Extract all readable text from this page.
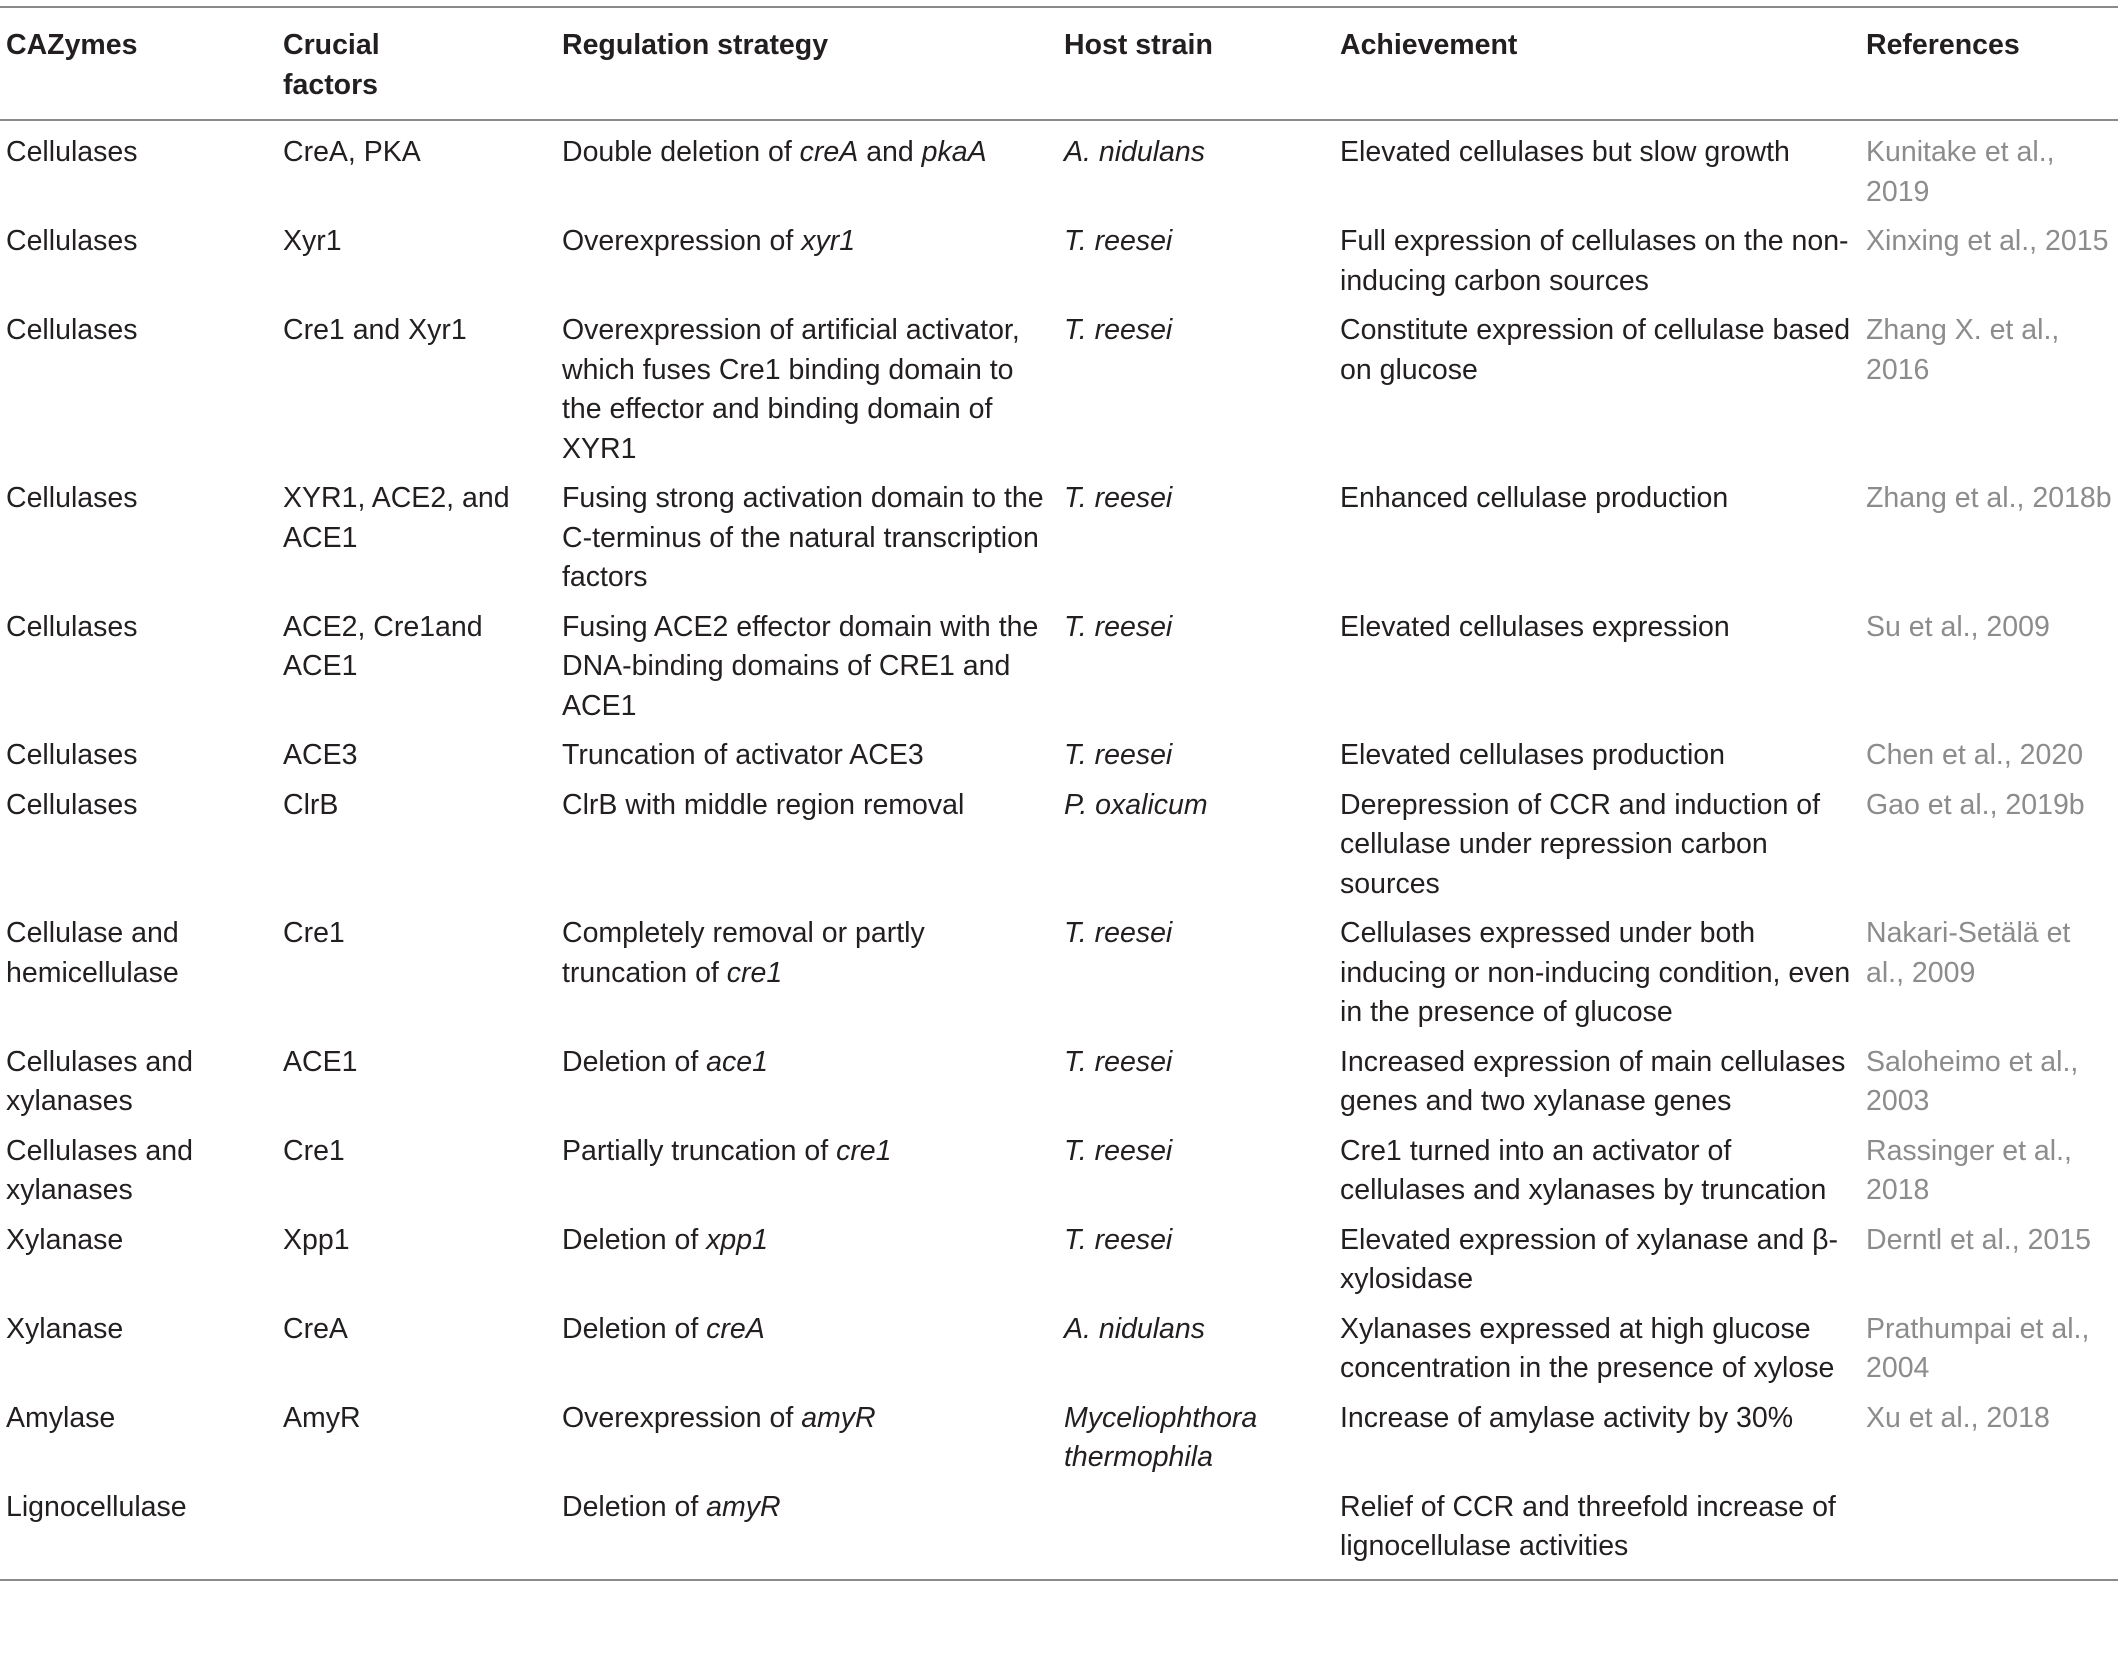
CAZymes	Crucial factors	Regulation strategy	Host strain	Achievement	References
Cellulases	CreA, PKA	Double deletion of creA and pkaA	A. nidulans	Elevated cellulases but slow growth	Kunitake et al., 2019
Cellulases	Xyr1	Overexpression of xyr1	T. reesei	Full expression of cellulases on the non-inducing carbon sources	Xinxing et al., 2015
Cellulases	Cre1 and Xyr1	Overexpression of artificial activator, which fuses Cre1 binding domain to the effector and binding domain of XYR1	T. reesei	Constitute expression of cellulase based on glucose	Zhang X. et al., 2016
Cellulases	XYR1, ACE2, and ACE1	Fusing strong activation domain to the C-terminus of the natural transcription factors	T. reesei	Enhanced cellulase production	Zhang et al., 2018b
Cellulases	ACE2, Cre1and ACE1	Fusing ACE2 effector domain with the DNA-binding domains of CRE1 and ACE1	T. reesei	Elevated cellulases expression	Su et al., 2009
Cellulases	ACE3	Truncation of activator ACE3	T. reesei	Elevated cellulases production	Chen et al., 2020
Cellulases	ClrB	ClrB with middle region removal	P. oxalicum	Derepression of CCR and induction of cellulase under repression carbon sources	Gao et al., 2019b
Cellulase and hemicellulase	Cre1	Completely removal or partly truncation of cre1	T. reesei	Cellulases expressed under both inducing or non-inducing condition, even in the presence of glucose	Nakari-Setälä et al., 2009
Cellulases and xylanases	ACE1	Deletion of ace1	T. reesei	Increased expression of main cellulases genes and two xylanase genes	Saloheimo et al., 2003
Cellulases and xylanases	Cre1	Partially truncation of cre1	T. reesei	Cre1 turned into an activator of cellulases and xylanases by truncation	Rassinger et al., 2018
Xylanase	Xpp1	Deletion of xpp1	T. reesei	Elevated expression of xylanase and β-xylosidase	Derntl et al., 2015
Xylanase	CreA	Deletion of creA	A. nidulans	Xylanases expressed at high glucose concentration in the presence of xylose	Prathumpai et al., 2004
Amylase	AmyR	Overexpression of amyR	Myceliophthora thermophila	Increase of amylase activity by 30%	Xu et al., 2018
Lignocellulase		Deletion of amyR		Relief of CCR and threefold increase of lignocellulase activities	
